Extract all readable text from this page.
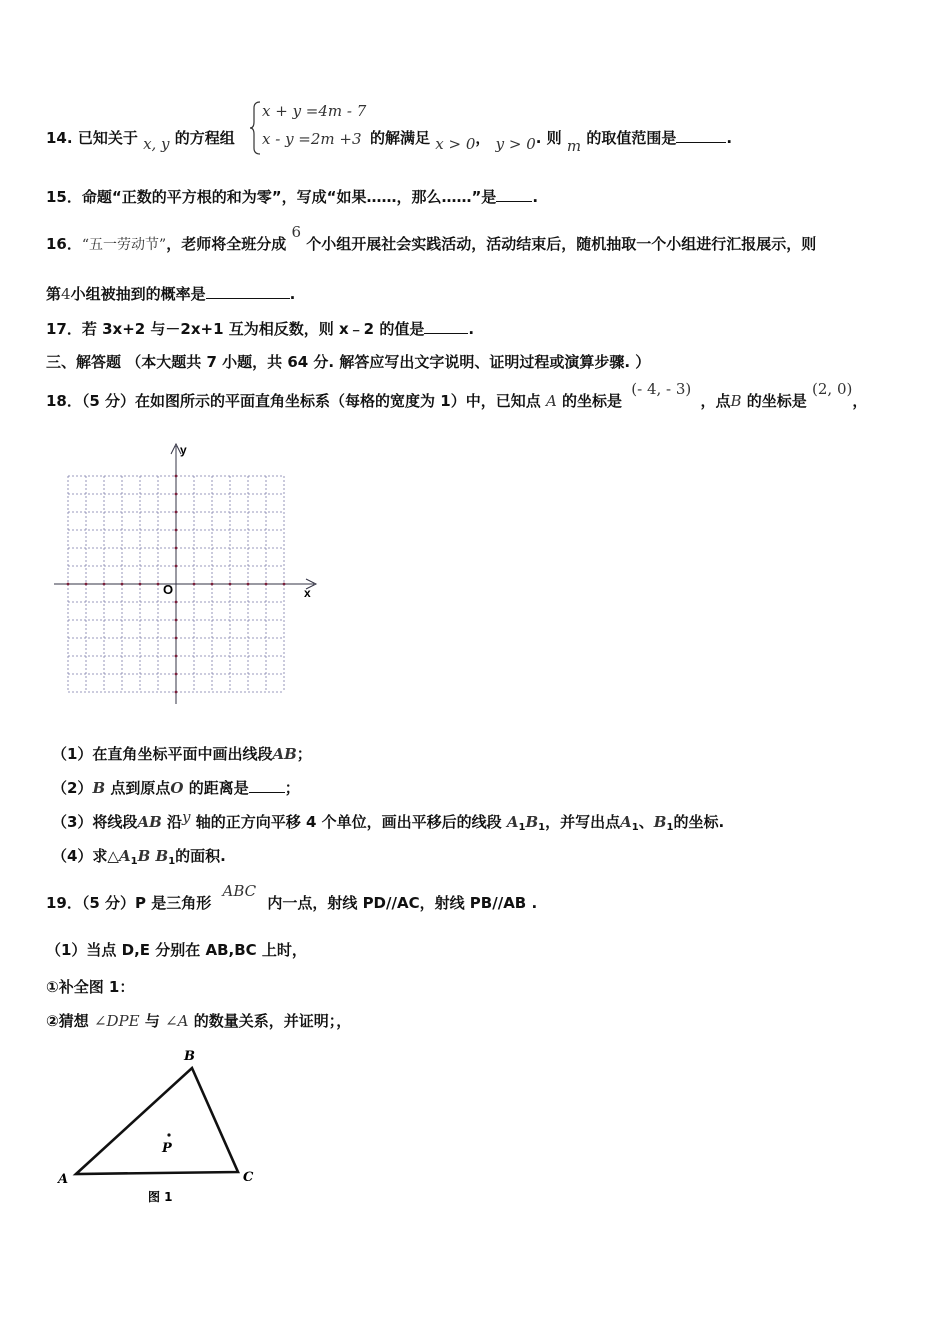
14. 已知关于 x, y 的方程组
x + y =4m - 7
x - y =2m +3 的解满足 x > 0， y > 0. 则 m 的取值范围是	.
15．命题“正数的平方根的和为零”，写成“如果……，那么……”是 .
16．“五一劳动节”，老师将全班分成 6 个小组开展社会实践活动，活动结束后，随机抽取一个小组进行汇报展示，则
第4小组被抽到的概率是	.
17．若 3x+2 与－2x+1 互为相反数，则 x﹣2 的值是	.
三、解答题 （本大题共 7 小题，共 64 分. 解答应写出文字说明、证明过程或演算步骤. ）
18．（5 分）在如图所示的平面直角坐标系（每格的宽度为 1）中，已知点 A 的坐标是 (- 4, - 3) ，点B 的坐标是 (2, 0)，
y
x
O
（1）在直角坐标平面中画出线段AB；
（2）B 点到原点O 的距离是 ；
（3）将线段AB 沿y 轴的正方向平移 4 个单位，画出平移后的线段 $A_1B_1$，并写出点$A_1$、$B_1$的坐标.
（4）求$\triangle A_1B$ $B_1$的面积.
19．（5 分）P 是三角形 ABC 内一点，射线 PD//AC，射线 PB//AB .
（1）当点 D,E 分别在 AB,BC 上时，
①补全图 1：
②猜想 ∠DPE 与 ∠A 的数量关系，并证明；，
B
A	C
P
图 1
